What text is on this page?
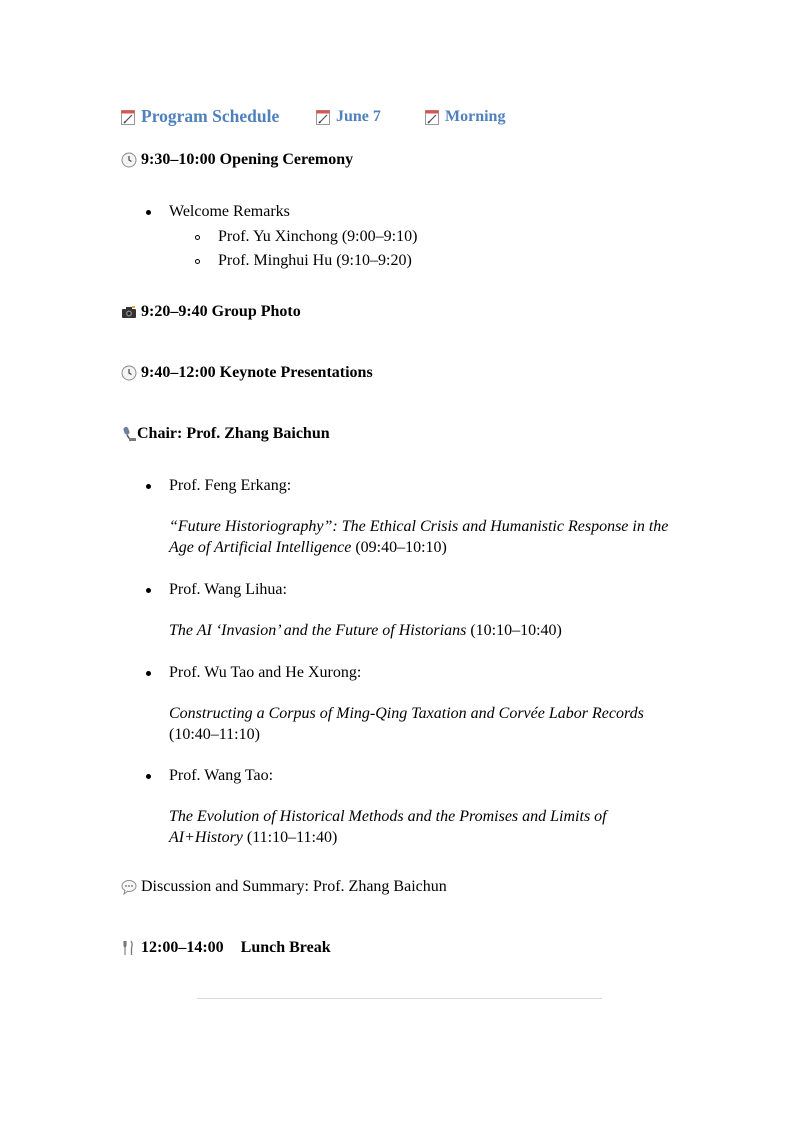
Program Schedule	June 7	Morning
9:30–10:00 Opening Ceremony
Welcome Remarks
Prof. Yu Xinchong (9:00–9:10)
Prof. Minghui Hu (9:10–9:20)
9:20–9:40 Group Photo
9:40–12:00 Keynote Presentations
Chair: Prof. Zhang Baichun
Prof. Feng Erkang:
“Future Historiography”: The Ethical Crisis and Humanistic Response in the
Age of Artificial Intelligence (09:40–10:10)
Prof. Wang Lihua:
The AI ‘Invasion’ and the Future of Historians (10:10–10:40)
Prof. Wu Tao and He Xurong:
Constructing a Corpus of Ming-Qing Taxation and Corvée Labor Records
(10:40–11:10)
Prof. Wang Tao:
The Evolution of Historical Methods and the Promises and Limits of
AI+History (11:10–11:40)
Discussion and Summary: Prof. Zhang Baichun
12:00–14:00 Lunch Break
